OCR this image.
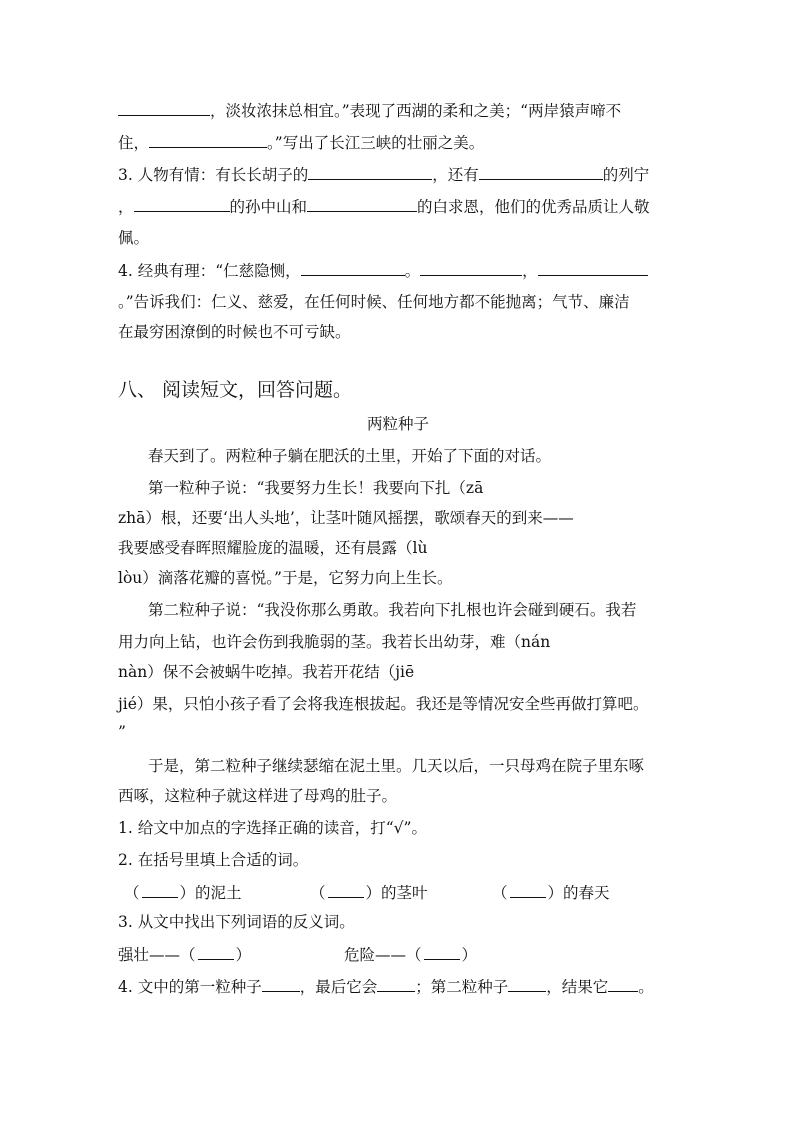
，淡妆浓抹总相宜。”表现了西湖的柔和之美；“两岸猿声啼不
住，	。”写出了长江三峡的壮丽之美。
3. 人物有情：有长长胡子的	，还有	的列宁
，	的孙中山和	的白求恩，他们的优秀品质让人敬
佩。
4. 经典有理：“仁慈隐恻，	。	，
。”告诉我们：仁义、慈爱，在任何时候、任何地方都不能抛离；气节、廉洁
在最穷困潦倒的时候也不可亏缺。
八、 阅读短文，回答问题。
两粒种子
春天到了。两粒种子躺在肥沃的土里，开始了下面的对话。
第一粒种子说：“我要努力生长！我要向下扎（zā
zhā）根，还要‘出人头地’，让茎叶随风摇摆，歌颂春天的到来——
我要感受春晖照耀脸庞的温暖，还有晨露（lù
lòu）滴落花瓣的喜悦。”于是，它努力向上生长。
第二粒种子说：“我没你那么勇敢。我若向下扎根也许会碰到硬石。我若
用力向上钻，也许会伤到我脆弱的茎。我若长出幼芽，难（nán
nàn）保不会被蜗牛吃掉。我若开花结（jiē
jié）果，只怕小孩子看了会将我连根拔起。我还是等情况安全些再做打算吧。
”
于是，第二粒种子继续瑟缩在泥土里。几天以后，一只母鸡在院子里东啄
西啄，这粒种子就这样进了母鸡的肚子。
1. 给文中加点的字选择正确的读音，打“√”。
2. 在括号里填上合适的词。
（	）的泥土	（	）的茎叶	（	）的春天
3. 从文中找出下列词语的反义词。
强壮——（	）	危险——（	）
4. 文中的第一粒种子 ，最后它会 ；第二粒种子 ，结果它 。
